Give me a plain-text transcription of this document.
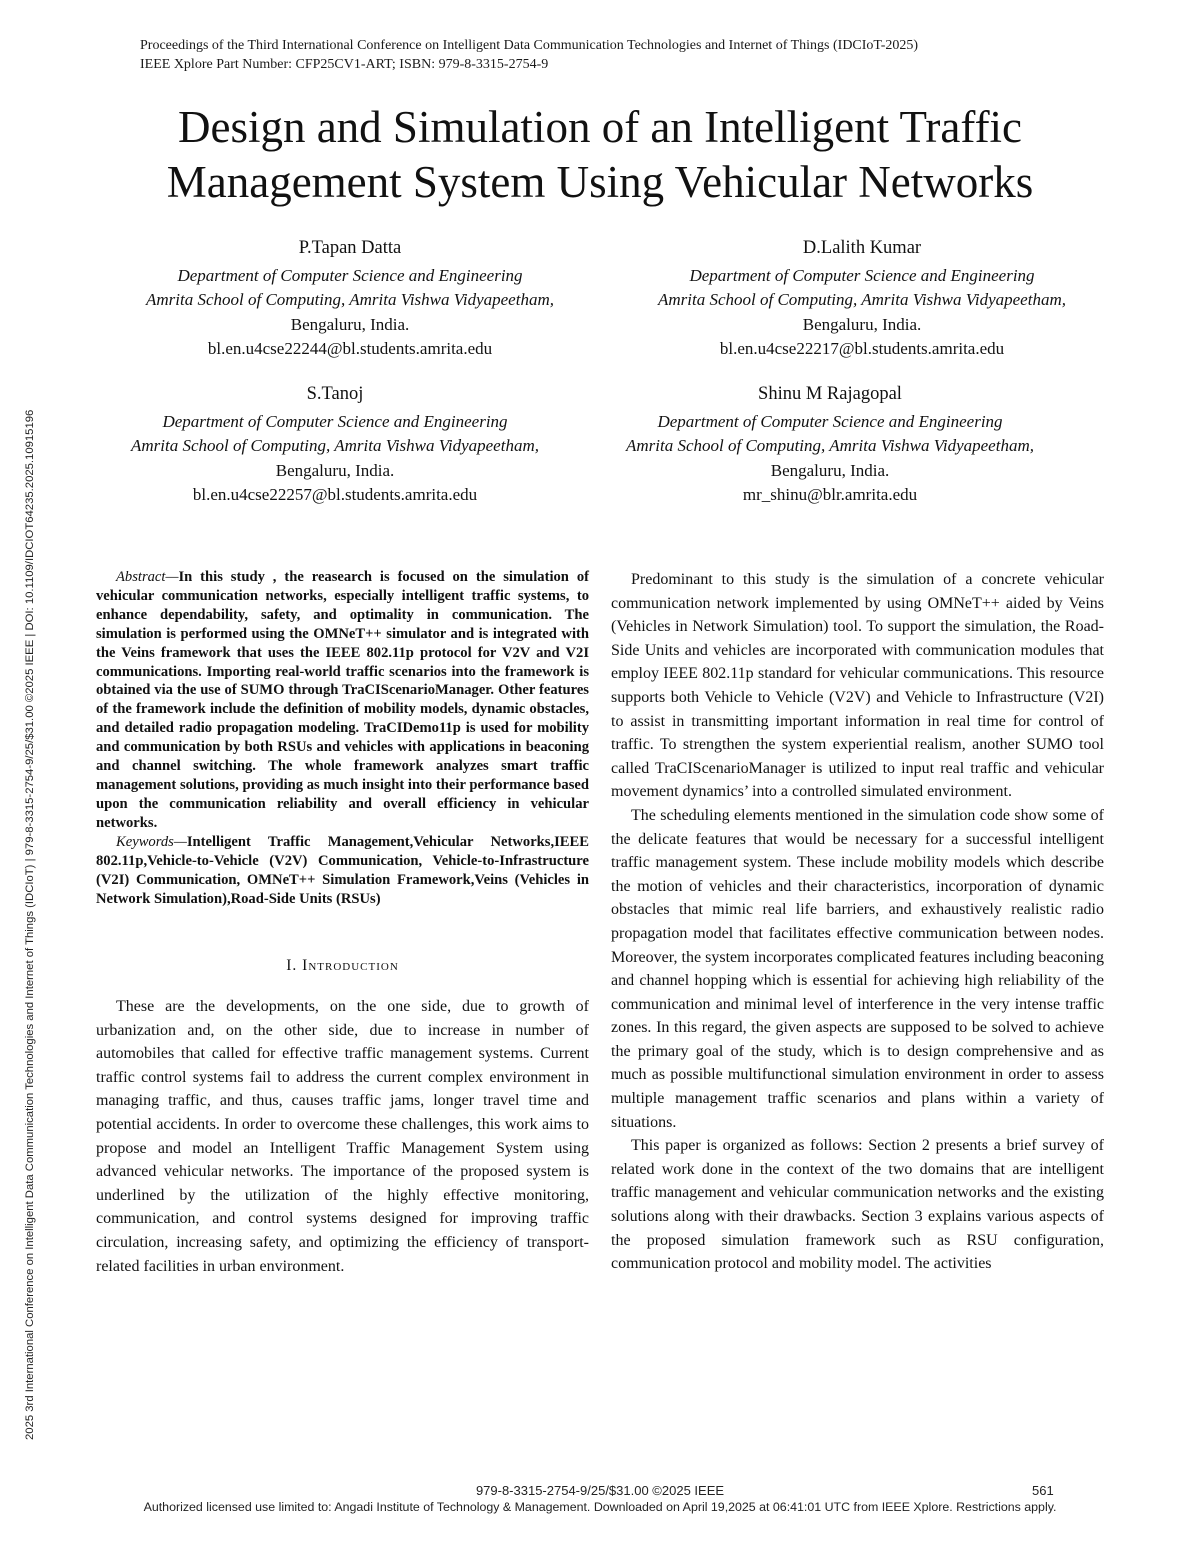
2025 3rd International Conference on Intelligent Data Communication Technologies and Internet of Things (IDCIoT) | 979-8-3315-2754-9/25/$31.00 ©2025 IEEE | DOI: 10.1109/IDCIOT64235.2025.10915196
Proceedings of the Third International Conference on Intelligent Data Communication Technologies and Internet of Things (IDCIoT-2025)
IEEE Xplore Part Number: CFP25CV1-ART; ISBN: 979-8-3315-2754-9
Design and Simulation of an Intelligent Traffic
Management System Using Vehicular Networks
P.Tapan Datta
Department of Computer Science and Engineering
Amrita School of Computing, Amrita Vishwa Vidyapeetham,
Bengaluru, India.
bl.en.u4cse22244@bl.students.amrita.edu
D.Lalith Kumar
Department of Computer Science and Engineering
Amrita School of Computing, Amrita Vishwa Vidyapeetham,
Bengaluru, India.
bl.en.u4cse22217@bl.students.amrita.edu
S.Tanoj
Department of Computer Science and Engineering
Amrita School of Computing, Amrita Vishwa Vidyapeetham,
Bengaluru, India.
bl.en.u4cse22257@bl.students.amrita.edu
Shinu M Rajagopal
Department of Computer Science and Engineering
Amrita School of Computing, Amrita Vishwa Vidyapeetham,
Bengaluru, India.
mr_shinu@blr.amrita.edu

Abstract—In this study , the reasearch is focused on the simulation of vehicular communication networks, especially intelligent traffic systems, to enhance dependability, safety, and optimality in communication. The simulation is performed using the OMNeT++ simulator and is integrated with the Veins framework that uses the IEEE 802.11p protocol for V2V and V2I communications. Importing real-world traffic scenarios into the framework is obtained via the use of SUMO through TraCIScenarioManager. Other features of the framework include the definition of mobility models, dynamic obstacles, and detailed radio propagation modeling. TraCIDemo11p is used for mobility and communication by both RSUs and vehicles with applications in beaconing and channel switching. The whole framework analyzes smart traffic management solutions, providing as much insight into their performance based upon the communication reliability and overall efficiency in vehicular networks.

Keywords—Intelligent Traffic Management,Vehicular Networks,IEEE 802.11p,Vehicle-to-Vehicle (V2V) Communication, Vehicle-to-Infrastructure (V2I) Communication, OMNeT++ Simulation Framework,Veins (Vehicles in Network Simulation),Road-Side Units (RSUs)

I. Introduction

These are the developments, on the one side, due to growth of urbanization and, on the other side, due to increase in number of automobiles that called for effective traffic management systems. Current traffic control systems fail to address the current complex environment in managing traffic, and thus, causes traffic jams, longer travel time and potential accidents. In order to overcome these challenges, this work aims to propose and model an Intelligent Traffic Management System using advanced vehicular networks. The importance of the proposed system is underlined by the utilization of the highly effective monitoring, communication, and control systems designed for improving traffic circulation, increasing safety, and optimizing the efficiency of transport-related facilities in urban environment.

Predominant to this study is the simulation of a concrete vehicular communication network implemented by using OMNeT++ aided by Veins (Vehicles in Network Simulation) tool. To support the simulation, the Road-Side Units and vehicles are incorporated with communication modules that employ IEEE 802.11p standard for vehicular communications. This resource supports both Vehicle to Vehicle (V2V) and Vehicle to Infrastructure (V2I) to assist in transmitting important information in real time for control of traffic. To strengthen the system experiential realism, another SUMO tool called TraCIScenarioManager is utilized to input real traffic and vehicular movement dynamics’ into a controlled simulated environment.

The scheduling elements mentioned in the simulation code show some of the delicate features that would be necessary for a successful intelligent traffic management system. These include mobility models which describe the motion of vehicles and their characteristics, incorporation of dynamic obstacles that mimic real life barriers, and exhaustively realistic radio propagation model that facilitates effective communication between nodes. Moreover, the system incorporates complicated features including beaconing and channel hopping which is essential for achieving high reliability of the communication and minimal level of interference in the very intense traffic zones. In this regard, the given aspects are supposed to be solved to achieve the primary goal of the study, which is to design comprehensive and as much as possible multifunctional simulation environment in order to assess multiple management traffic scenarios and plans within a variety of situations.

This paper is organized as follows: Section 2 presents a brief survey of related work done in the context of the two domains that are intelligent traffic management and vehicular communication networks and the existing solutions along with their drawbacks. Section 3 explains various aspects of the proposed simulation framework such as RSU configuration, communication protocol and mobility model. The activities

979-8-3315-2754-9/25/$31.00 ©2025 IEEE	561
Authorized licensed use limited to: Angadi Institute of Technology & Management. Downloaded on April 19,2025 at 06:41:01 UTC from IEEE Xplore. Restrictions apply.
